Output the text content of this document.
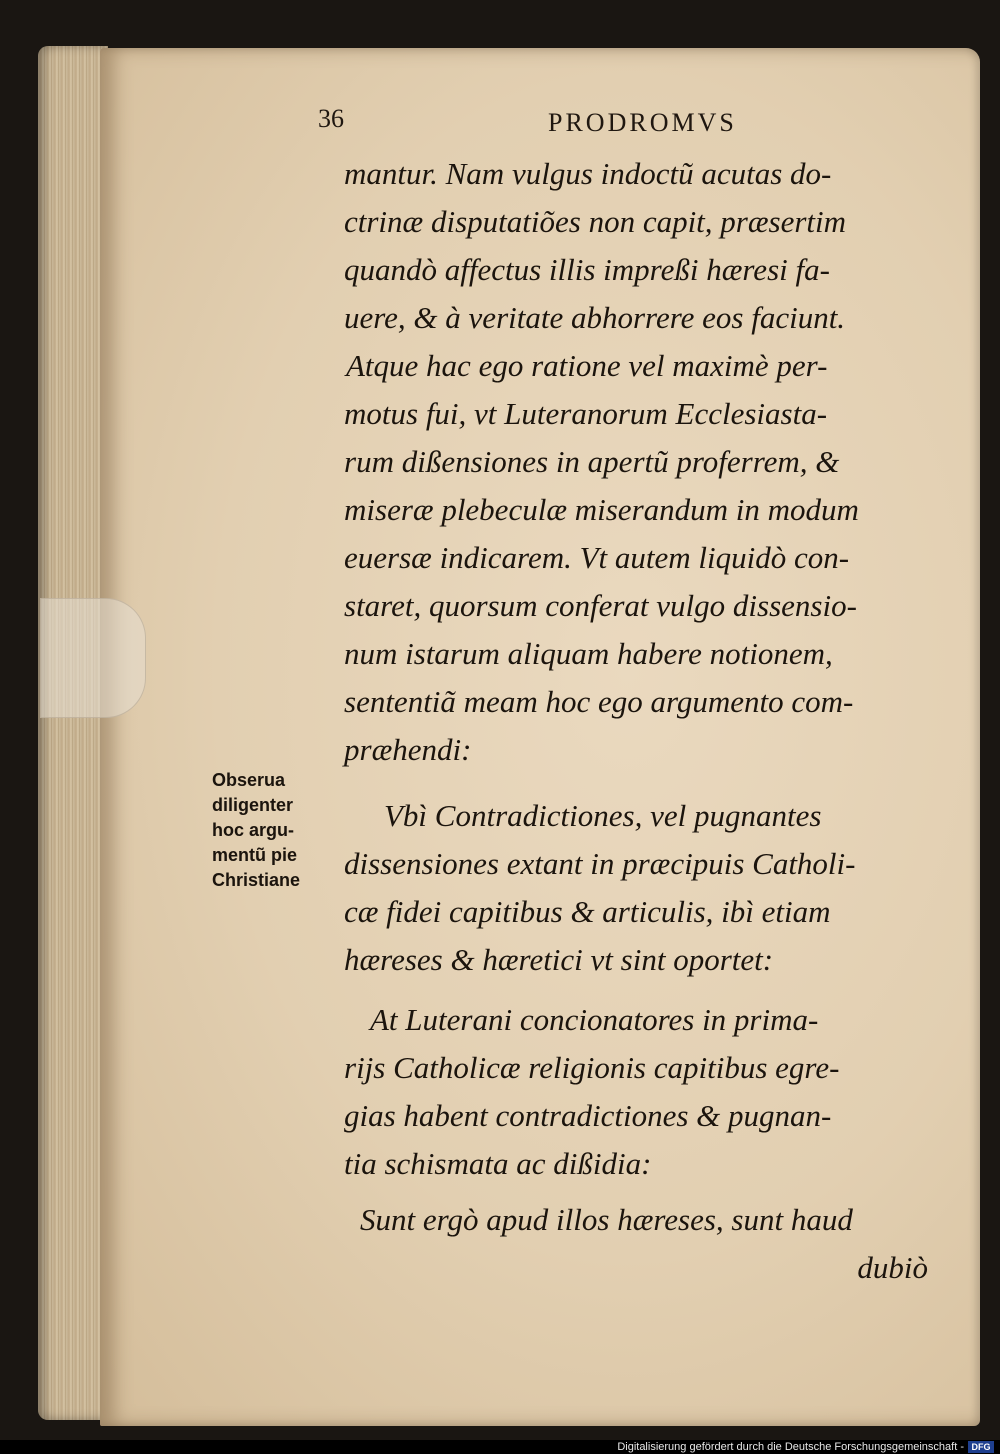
36	PRODROMVS
mantur. Nam vulgus indoctũ acutas do-
ctrinæ disputatiões non capit, præsertim
quandò affectus illis impreßi hæresi fa-
uere, & à veritate abhorrere eos faciunt.
Atque hac ego ratione vel maximè per-
motus fui, vt Luteranorum Ecclesiasta-
rum dißensiones in apertũ proferrem, &
miseræ plebeculæ miserandum in modum
euersæ indicarem. Vt autem liquidò con-
staret, quorsum conferat vulgo dissensio-
num istarum aliquam habere notionem,
sententiã meam hoc ego argumento com-
præhendi:
Vbì Contradictiones, vel pugnantes
dissensiones extant in præcipuis Catholi-
cæ fidei capitibus & articulis, ibì etiam
hæreses & hæretici vt sint oportet:
At Luterani concionatores in prima-
rijs Catholicæ religionis capitibus egre-
gias habent contradictiones & pugnan-
tia schismata ac dißidia:
Sunt ergò apud illos hæreses, sunt haud
dubiò
Obserua
diligenter
hoc argu-
mentũ pie
Christiane
Digitalisierung gefördert durch die Deutsche Forschungsgemeinschaft - DFG
